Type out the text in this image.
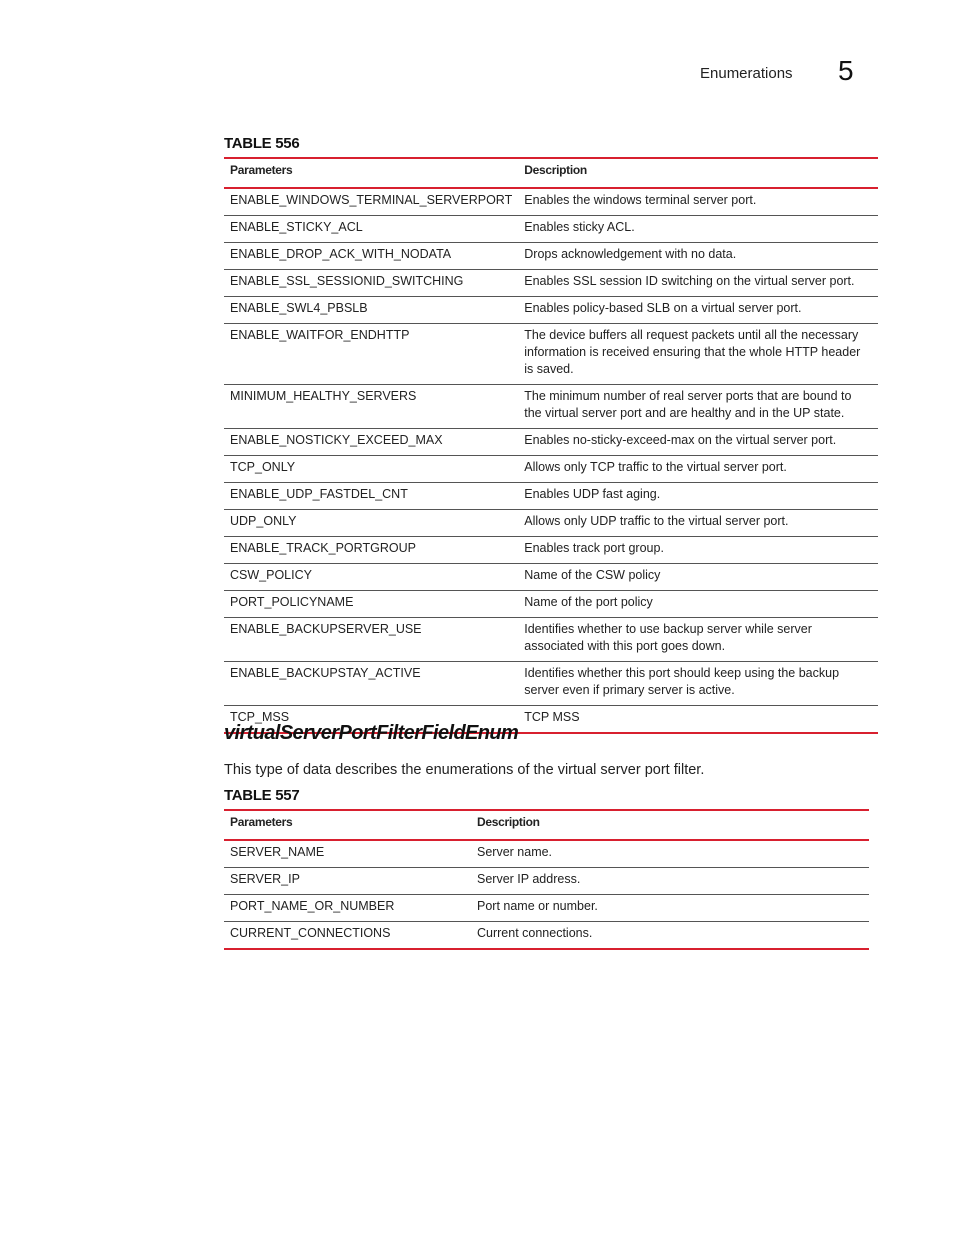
Enumerations 5
TABLE 556
Parameters	Description
ENABLE_WINDOWS_TERMINAL_SERVERPORT	Enables the windows terminal server port.
ENABLE_STICKY_ACL	Enables sticky ACL.
ENABLE_DROP_ACK_WITH_NODATA	Drops acknowledgement with no data.
ENABLE_SSL_SESSIONID_SWITCHING	Enables SSL session ID switching on the virtual server port.
ENABLE_SWL4_PBSLB	Enables policy-based SLB on a virtual server port.
ENABLE_WAITFOR_ENDHTTP	The device buffers all request packets until all the necessary information is received ensuring that the whole HTTP header is saved.
MINIMUM_HEALTHY_SERVERS	The minimum number of real server ports that are bound to the virtual server port and are healthy and in the UP state.
ENABLE_NOSTICKY_EXCEED_MAX	Enables no-sticky-exceed-max on the virtual server port.
TCP_ONLY	Allows only TCP traffic to the virtual server port.
ENABLE_UDP_FASTDEL_CNT	Enables UDP fast aging.
UDP_ONLY	Allows only UDP traffic to the virtual server port.
ENABLE_TRACK_PORTGROUP	Enables track port group.
CSW_POLICY	Name of the CSW policy
PORT_POLICYNAME	Name of the port policy
ENABLE_BACKUPSERVER_USE	Identifies whether to use backup server while server associated with this port goes down.
ENABLE_BACKUPSTAY_ACTIVE	Identifies whether this port should keep using the backup server even if primary server is active.
TCP_MSS	TCP MSS
virtualServerPortFilterFieldEnum
This type of data describes the enumerations of the virtual server port filter.
TABLE 557
Parameters	Description
SERVER_NAME	Server name.
SERVER_IP	Server IP address.
PORT_NAME_OR_NUMBER	Port name or number.
CURRENT_CONNECTIONS	Current connections.
